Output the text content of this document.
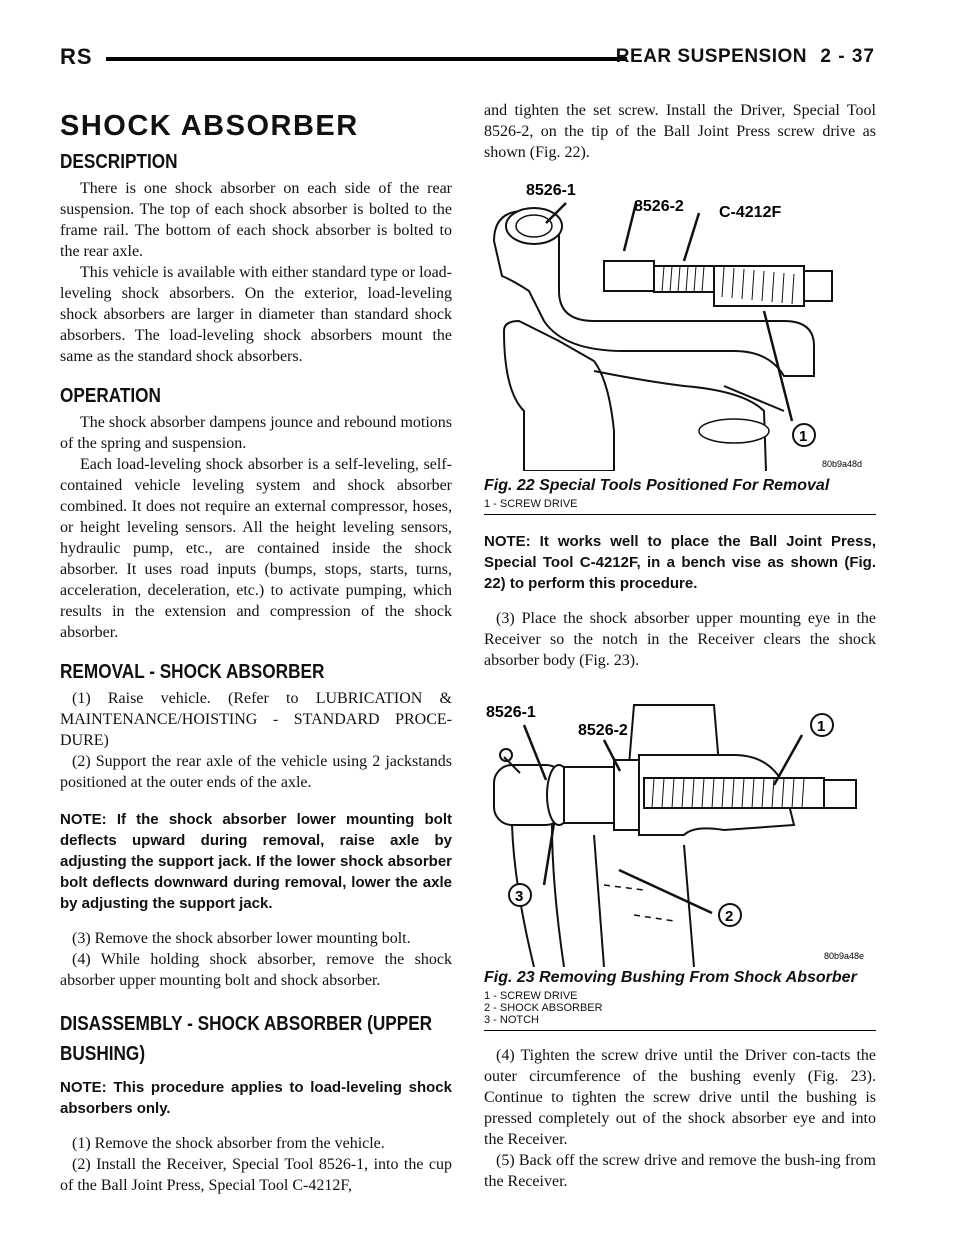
RS	REAR SUSPENSION 2 - 37
SHOCK ABSORBER
DESCRIPTION

There is one shock absorber on each side of the rear suspension. The top of each shock absorber is bolted to the frame rail. The bottom of each shock absorber is bolted to the rear axle.

This vehicle is available with either standard type or load-leveling shock absorbers. On the exterior, load-leveling shock absorbers are larger in diameter than standard shock absorbers. The load-leveling shock absorbers mount the same as the standard shock absorbers.

OPERATION

The shock absorber dampens jounce and rebound motions of the spring and suspension.

Each load-leveling shock absorber is a self-leveling, self-contained vehicle leveling system and shock absorber combined. It does not require an external compressor, hoses, or height leveling sensors. All the height leveling sensors, hydraulic pump, etc., are contained inside the shock absorber. It uses road inputs (bumps, stops, starts, turns, acceleration, deceleration, etc.) to activate pumping, which results in the extension and compression of the shock absorber.

REMOVAL - SHOCK ABSORBER

(1) Raise vehicle. (Refer to LUBRICATION & MAINTENANCE/HOISTING - STANDARD PROCE-DURE)

(2) Support the rear axle of the vehicle using 2 jackstands positioned at the outer ends of the axle.

NOTE: If the shock absorber lower mounting bolt deflects upward during removal, raise axle by adjusting the support jack. If the lower shock absorber bolt deflects downward during removal, lower the axle by adjusting the support jack.

(3) Remove the shock absorber lower mounting bolt.

(4) While holding shock absorber, remove the shock absorber upper mounting bolt and shock absorber.

DISASSEMBLY - SHOCK ABSORBER (UPPER BUSHING)

NOTE: This procedure applies to load-leveling shock absorbers only.

(1) Remove the shock absorber from the vehicle.

(2) Install the Receiver, Special Tool 8526-1, into the cup of the Ball Joint Press, Special Tool C-4212F,

and tighten the set screw. Install the Driver, Special Tool 8526-2, on the tip of the Ball Joint Press screw drive as shown (Fig. 22).

8526-1
8526-2 C-4212F
1
80b9a48d
Fig. 22 Special Tools Positioned For Removal
1 - SCREW DRIVE

NOTE: It works well to place the Ball Joint Press, Special Tool C-4212F, in a bench vise as shown (Fig. 22) to perform this procedure.

(3) Place the shock absorber upper mounting eye in the Receiver so the notch in the Receiver clears the shock absorber body (Fig. 23).

8526-1
8526-2	1
2
3
80b9a48e
Fig. 23 Removing Bushing From Shock Absorber
1 - SCREW DRIVE
2 - SHOCK ABSORBER
3 - NOTCH

(4) Tighten the screw drive until the Driver con-tacts the outer circumference of the bushing evenly (Fig. 23). Continue to tighten the screw drive until the bushing is pressed completely out of the shock absorber eye and into the Receiver.

(5) Back off the screw drive and remove the bush-ing from the Receiver.
